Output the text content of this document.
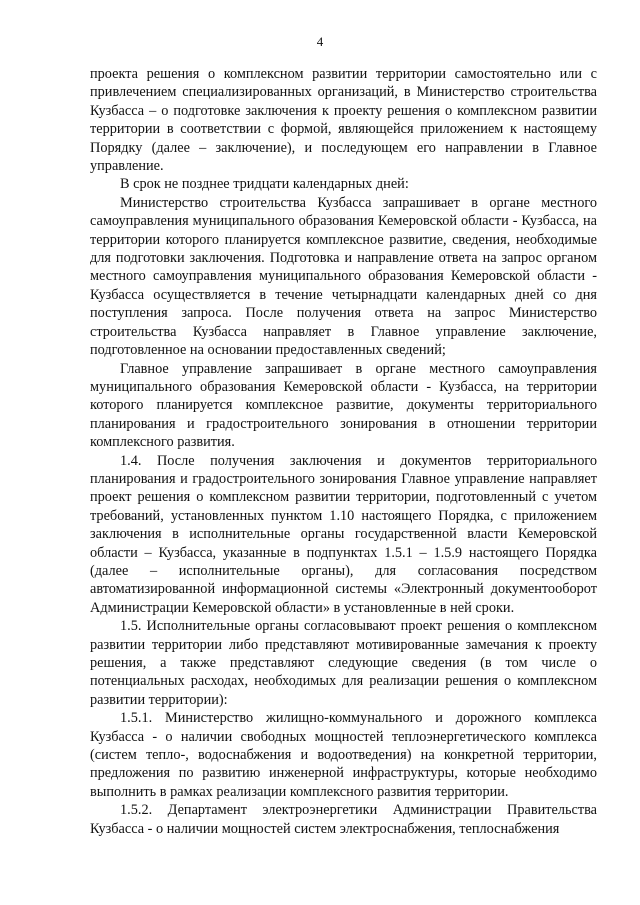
4

проекта решения о комплексном развитии территории самостоятельно или с привлечением специализированных организаций, в Министерство строительства Кузбасса – о подготовке заключения к проекту решения о комплексном развитии территории в соответствии с формой, являющейся приложением к настоящему Порядку (далее – заключение), и последующем его направлении в Главное управление.

В срок не позднее тридцати календарных дней:

Министерство строительства Кузбасса запрашивает в органе местного самоуправления муниципального образования Кемеровской области - Кузбасса, на территории которого планируется комплексное развитие, сведения, необходимые для подготовки заключения. Подготовка и направление ответа на запрос органом местного самоуправления муниципального образования Кемеровской области - Кузбасса осуществляется в течение четырнадцати календарных дней со дня поступления запроса. После получения ответа на запрос Министерство строительства Кузбасса направляет в Главное управление заключение, подготовленное на основании предоставленных сведений;

Главное управление запрашивает в органе местного самоуправления муниципального образования Кемеровской области - Кузбасса, на территории которого планируется комплексное развитие, документы территориального планирования и градостроительного зонирования в отношении территории комплексного развития.

1.4. После получения заключения и документов территориального планирования и градостроительного зонирования Главное управление направляет проект решения о комплексном развитии территории, подготовленный с учетом требований, установленных пунктом 1.10 настоящего Порядка, с приложением заключения в исполнительные органы государственной власти Кемеровской области – Кузбасса, указанные в подпунктах 1.5.1 – 1.5.9 настоящего Порядка (далее – исполнительные органы), для согласования посредством автоматизированной информационной системы «Электронный документооборот Администрации Кемеровской области» в установленные в ней сроки.

1.5. Исполнительные органы согласовывают проект решения о комплексном развитии территории либо представляют мотивированные замечания к проекту решения, а также представляют следующие сведения (в том числе о потенциальных расходах, необходимых для реализации решения о комплексном развитии территории):

1.5.1. Министерство жилищно-коммунального и дорожного комплекса Кузбасса - о наличии свободных мощностей теплоэнергетического комплекса (систем тепло-, водоснабжения и водоотведения) на конкретной территории, предложения по развитию инженерной инфраструктуры, которые необходимо выполнить в рамках реализации комплексного развития территории.

1.5.2. Департамент электроэнергетики Администрации Правительства Кузбасса - о наличии мощностей систем электроснабжения, теплоснабжения
